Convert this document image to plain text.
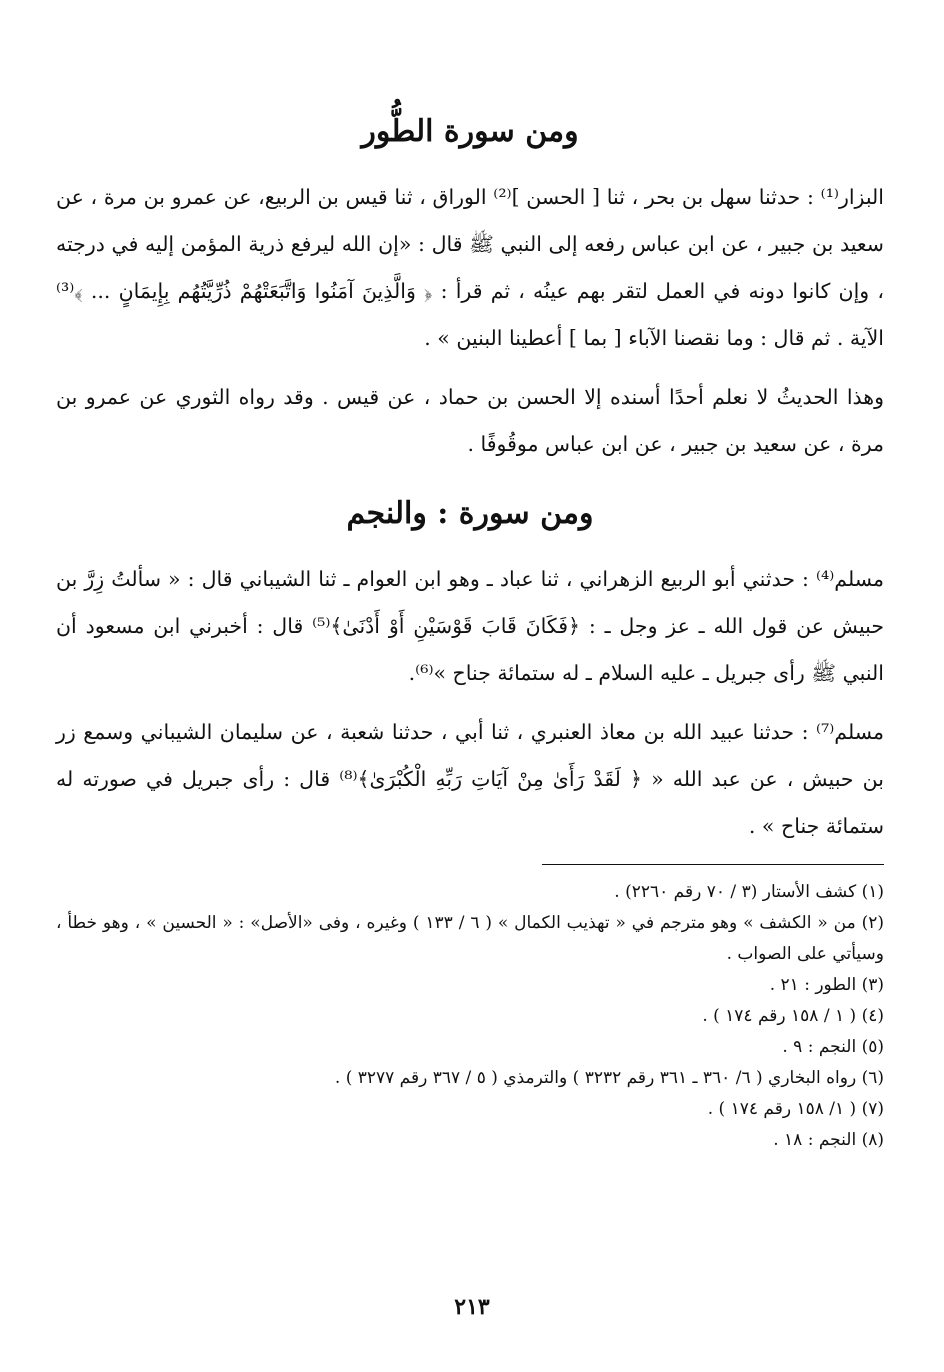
ومن سورة الطُّور

البزار⁽¹⁾ : حدثنا سهل بن بحر ، ثنا [ الحسن ]⁽²⁾ الوراق ، ثنا قيس بن الربيع، عن عمرو بن مرة ، عن سعيد بن جبير ، عن ابن عباس رفعه إلى النبي ﷺ قال : «إن الله ليرفع ذرية المؤمن إليه في درجته ، وإن كانوا دونه في العمل لتقر بهم عينُه ، ثم قرأ : ﴿ وَالَّذِينَ آمَنُوا وَاتَّبَعَتْهُمْ ذُرِّيَّتُهُم بِإِيمَانٍ ... ﴾⁽³⁾ الآية . ثم قال : وما نقصنا الآباء [ بما ] أعطينا البنين » .

وهذا الحديثُ لا نعلم أحدًا أسنده إلا الحسن بن حماد ، عن قيس . وقد رواه الثوري عن عمرو بن مرة ، عن سعيد بن جبير ، عن ابن عباس موقُوفًا .

ومن سورة : والنجم

مسلم⁽⁴⁾ : حدثني أبو الربيع الزهراني ، ثنا عباد ـ وهو ابن العوام ـ ثنا الشيباني قال : « سألتُ زِرَّ بن حبيش عن قول الله ـ عز وجل ـ : ﴿فَكَانَ قَابَ قَوْسَيْنِ أَوْ أَدْنَىٰ﴾⁽⁵⁾ قال : أخبرني ابن مسعود أن النبي ﷺ رأى جبريل ـ عليه السلام ـ له ستمائة جناح »⁽⁶⁾.

مسلم⁽⁷⁾ : حدثنا عبيد الله بن معاذ العنبري ، ثنا أبي ، حدثنا شعبة ، عن سليمان الشيباني وسمع زر بن حبيش ، عن عبد الله « ﴿ لَقَدْ رَأَىٰ مِنْ آيَاتِ رَبِّهِ الْكُبْرَىٰ﴾⁽⁸⁾ قال : رأى جبريل في صورته له ستمائة جناح » .

(١) كشف الأستار (٣ / ٧٠ رقم ٢٢٦٠) .
(٢) من « الكشف » وهو مترجم في « تهذيب الكمال » ( ٦ / ١٣٣ ) وغيره ، وفى «الأصل» : « الحسين » ، وهو خطأ ، وسيأتي على الصواب .
(٣) الطور : ٢١ .
(٤) ( ١ / ١٥٨ رقم ١٧٤ ) .
(٥) النجم : ٩ .
(٦) رواه البخاري ( ٦/ ٣٦٠ ـ ٣٦١ رقم ٣٢٣٢ ) والترمذي ( ٥ / ٣٦٧ رقم ٣٢٧٧ ) .
(٧) ( ١/ ١٥٨ رقم ١٧٤ ) .
(٨) النجم : ١٨ .
٢١٣
